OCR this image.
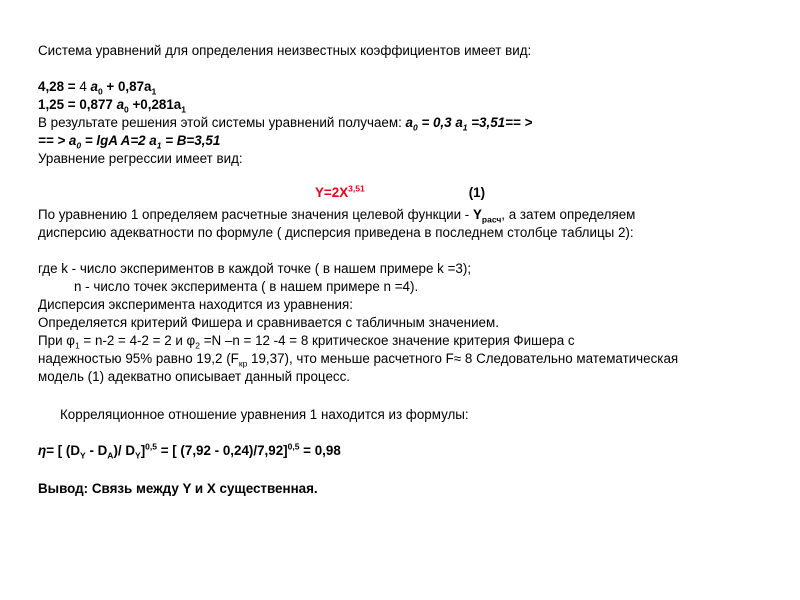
Система уравнений для определения неизвестных коэффициентов имеет вид:
4,28 = 4 $a_0 + 0,87a_1$
1,25 = 0,877 $a_0 +0,281a_1$
В результате решения этой системы уравнений получаем: $a_0 = 0,3$ $a_1 =3,51==$ >
== > $a_0 = \lg A$ A=2 $a_1 = B=3,51$
Уравнение регрессии имеет вид:
$Y=2X^{3,51}$	(1)
По уравнению 1 определяем расчетные значения целевой функции - $Y_{расч}$, а затем определяем
дисперсию адекватности по формуле ( дисперсия приведена в последнем столбце таблицы 2):
где k - число экспериментов в каждой точке ( в нашем примере k =3);
n - число точек эксперимента ( в нашем примере n =4).
Дисперсия эксперимента находится из уравнения:
Определяется критерий Фишера и сравнивается с табличным значением.
При $\varphi_1 = n-2 = 4-2 = 2$ и $\varphi_2 =N$ –n = 12 -4 = 8 критическое значение критерия Фишера с
надежностью 95% равно 19,2 ($F_{кр}$ 19,37), что меньше расчетного F≈ 8 Следовательно математическая
модель (1) адекватно описывает данный процесс.
Корреляционное отношение уравнения 1 находится из формулы:
η= [ $(D_Y - D_A)/$ $D_Y]^{0,5}$ = [ (7,92 - 0,24)/7,92]$^{0,5}$ = 0,98
Вывод: Связь между Y и X существенная.
